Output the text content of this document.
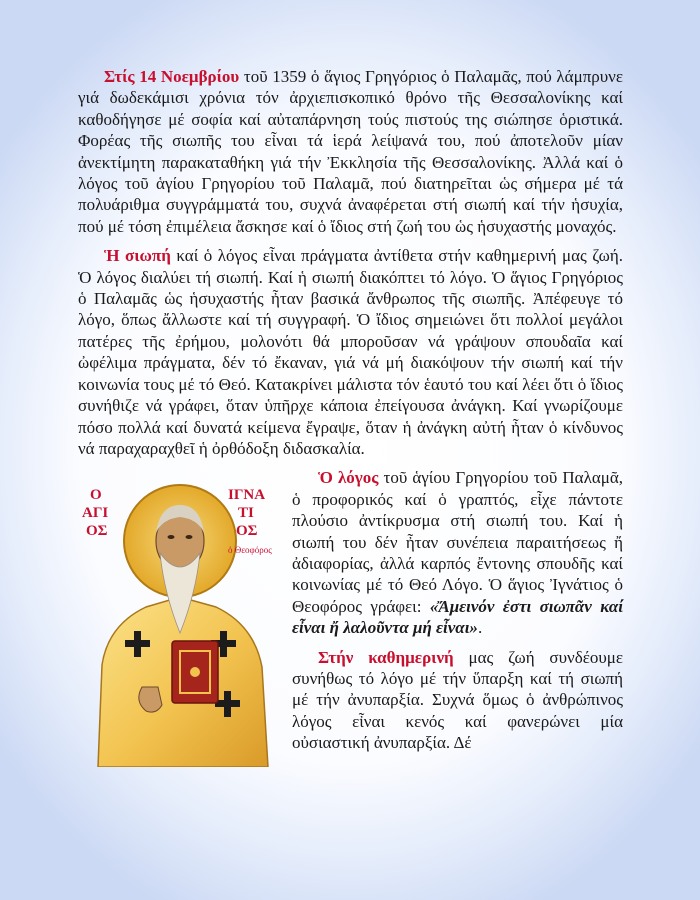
Στίς 14 Νοεμβρίου τοῦ 1359 ὁ ἅγιος Γρηγόριος ὁ Παλαμᾶς, πού λάμπρυνε γιά δωδεκάμισι χρόνια τόν ἀρχιεπισκοπικό θρόνο τῆς Θεσσαλονίκης καί καθοδήγησε μέ σοφία καί αὐταπάρνηση τούς πιστούς της σιώπησε ὁριστικά. Φορέας τῆς σιωπῆς του εἶναι τά ἱερά λείψανά του, πού ἀποτελοῦν μίαν ἀνεκτίμητη παρακαταθήκη γιά τήν Ἐκκλησία τῆς Θεσσαλονίκης. Ἀλλά καί ὁ λόγος τοῦ ἁγίου Γρηγορίου τοῦ Παλαμᾶ, πού διατηρεῖται ὡς σήμερα μέ τά πολυάριθμα συγγράμματά του, συχνά ἀναφέρεται στή σιωπή καί τήν ἡσυχία, πού μέ τόση ἐπιμέλεια ἄσκησε καί ὁ ἴδιος στή ζωή του ὡς ἡσυχαστής μοναχός.

Ἡ σιωπή καί ὁ λόγος εἶναι πράγματα ἀντίθετα στήν καθημερινή μας ζωή. Ὁ λόγος διαλύει τή σιωπή. Καί ἡ σιωπή διακόπτει τό λόγο. Ὁ ἅγιος Γρηγόριος ὁ Παλαμᾶς ὡς ἡσυχαστής ἦταν βασικά ἄνθρωπος τῆς σιωπῆς. Ἀπέφευγε τό λόγο, ὅπως ἄλλωστε καί τή συγγραφή. Ὁ ἴδιος σημειώνει ὅτι πολλοί μεγάλοι πατέρες τῆς ἐρήμου, μολονότι θά μποροῦσαν νά γράψουν σπουδαῖα καί ὠφέλιμα πράγματα, δέν τό ἔκαναν, γιά νά μή διακόψουν τήν σιωπή καί τήν κοινωνία τους μέ τό Θεό. Κατακρίνει μάλιστα τόν ἑαυτό του καί λέει ὅτι ὁ ἴδιος συνήθιζε νά γράφει, ὅταν ὑπῆρχε κάποια ἐπείγουσα ἀνάγκη. Καί γνωρίζουμε πόσο πολλά καί δυνατά κείμενα ἔγραψε, ὅταν ἡ ἀνάγκη αὐτή ἦταν ὁ κίνδυνος νά παραχαραχθεῖ ἡ ὀρθόδοξη διδασκαλία.

Ο
ΑΓΙ
ΟΣ
ΙΓΝΑ
ΤΙ
ΟΣ
ὁ Θεοφόρος

Ὁ λόγος τοῦ ἁγίου Γρηγορίου τοῦ Παλαμᾶ, ὁ προφορικός καί ὁ γραπτός, εἶχε πάντοτε πλούσιο ἀντίκρυσμα στή σιωπή του. Καί ἡ σιωπή του δέν ἦταν συνέπεια παραιτήσεως ἤ ἀδιαφορίας, ἀλλά καρπός ἔντονης σπουδῆς καί κοινωνίας μέ τό Θεό Λόγο. Ὁ ἅγιος Ἰγνάτιος ὁ Θεοφόρος γράφει: «Ἄμεινόν ἐστι σιωπᾶν καί εἶναι ἤ λαλοῦντα μή εἶναι».

Στήν καθημερινή μας ζωή συνδέουμε συνήθως τό λόγο μέ τήν ὕπαρξη καί τή σιωπή μέ τήν ἀνυπαρξία. Συχνά ὅμως ὁ ἀνθρώπινος λόγος εἶναι κενός καί φανερώνει μία οὐσιαστική ἀνυπαρξία. Δέ
